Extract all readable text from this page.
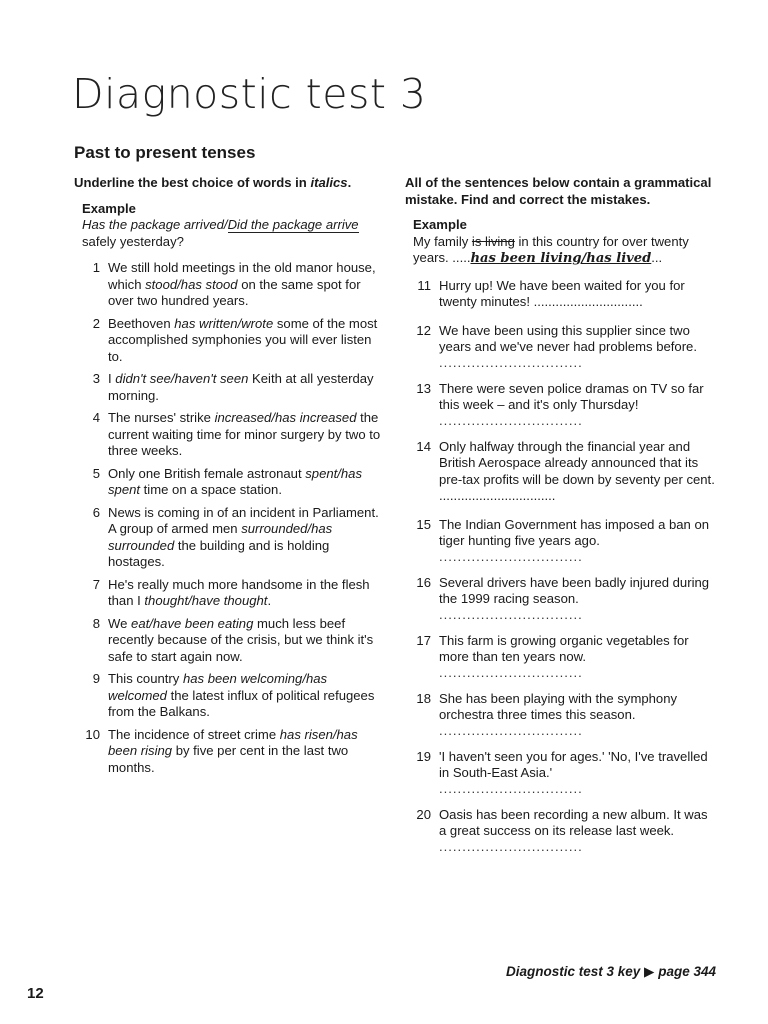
Diagnostic test 3
Past to present tenses

Underline the best choice of words in italics.

Example

Has the package arrived/Did the package arrive
safely yesterday?

1 We still hold meetings in the old manor house, which stood/has stood on the same spot for over two hundred years.
2 Beethoven has written/wrote some of the most accomplished symphonies you will ever listen to.
3 I didn't see/haven't seen Keith at all yesterday morning.
4 The nurses' strike increased/has increased the current waiting time for minor surgery by two to three weeks.
5 Only one British female astronaut spent/has spent time on a space station.
6 News is coming in of an incident in Parliament. A group of armed men surrounded/has surrounded the building and is holding hostages.
7 He's really much more handsome in the flesh than I thought/have thought.
8 We eat/have been eating much less beef recently because of the crisis, but we think it's safe to start again now.
9 This country has been welcoming/has welcomed the latest influx of political refugees from the Balkans.
10 The incidence of street crime has risen/has been rising by five per cent in the last two months.

All of the sentences below contain a grammatical mistake. Find and correct the mistakes.

Example

My family is living in this country for over twenty years. .....has been living/has lived...

11 Hurry up! We have been waited for you for twenty minutes! ..............................
12 We have been using this supplier since two years and we've never had problems before.
...............................
13 There were seven police dramas on TV so far this week – and it's only Thursday!
...............................
14 Only halfway through the financial year and British Aerospace already announced that its pre-tax profits will be down by seventy per cent. ................................
15 The Indian Government has imposed a ban on tiger hunting five years ago.
...............................
16 Several drivers have been badly injured during the 1999 racing season.
...............................
17 This farm is growing organic vegetables for more than ten years now.
...............................
18 She has been playing with the symphony orchestra three times this season.
...............................
19 'I haven't seen you for ages.' 'No, I've travelled in South-East Asia.'
...............................
20 Oasis has been recording a new album. It was a great success on its release last week.
...............................
Diagnostic test 3 key ▶ page 344
12
